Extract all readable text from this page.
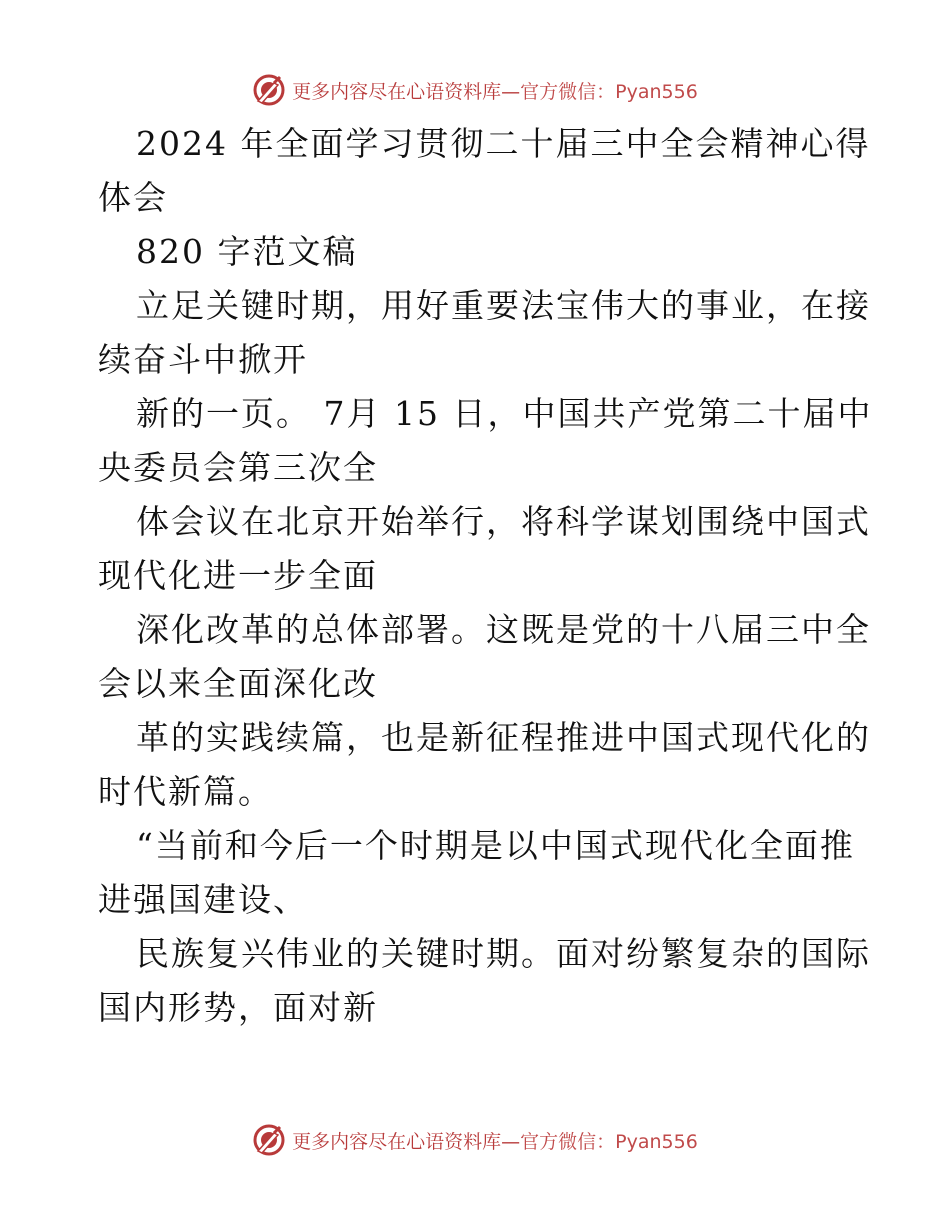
更多内容尽在心语资料库—官方微信：Pyan556
2024 年全面学习贯彻二十届三中全会精神心得
体会
820 字范文稿
立足关键时期，用好重要法宝伟大的事业，在接
续奋斗中掀开
新的一页。 7月 15 日，中国共产党第二十届中
央委员会第三次全
体会议在北京开始举行，将科学谋划围绕中国式
现代化进一步全面
深化改革的总体部署。这既是党的十八届三中全
会以来全面深化改
革的实践续篇，也是新征程推进中国式现代化的
时代新篇。
“当前和今后一个时期是以中国式现代化全面推
进强国建设、
民族复兴伟业的关键时期。面对纷繁复杂的国际
国内形势，面对新
更多内容尽在心语资料库—官方微信：Pyan556
